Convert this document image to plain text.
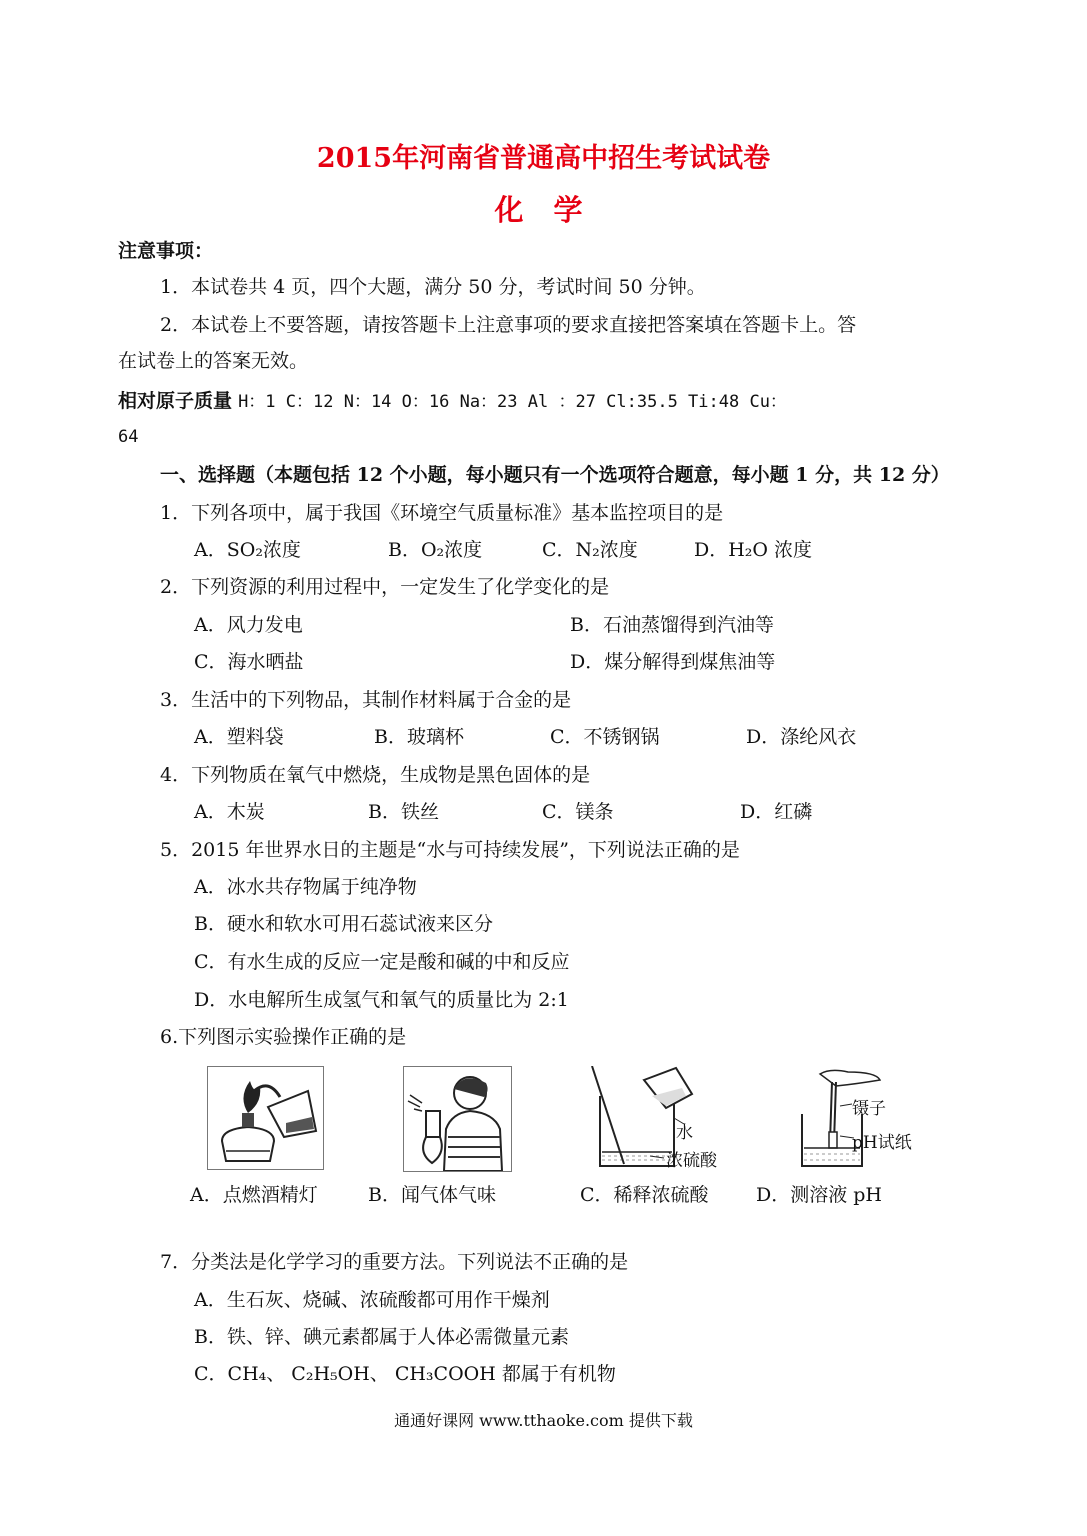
2015年河南省普通高中招生考试试卷
化 学
注意事项：
1．本试卷共 4 页，四个大题，满分 50 分，考试时间 50 分钟。
2．本试卷上不要答题，请按答题卡上注意事项的要求直接把答案填在答题卡上。答
在试卷上的答案无效。
相对原子质量 H：1 C：12 N：14 O：16 Na：23 Al ：27 Cl:35.5 Ti:48 Cu：
64
一、选择题（本题包括 12 个小题，每小题只有一个选项符合题意，每小题 1 分，共 12 分）
1．下列各项中，属于我国《环境空气质量标准》基本监控项目的是
A．SO₂浓度	B．O₂浓度	C．N₂浓度	D．H₂O 浓度
2．下列资源的利用过程中，一定发生了化学变化的是
A．风力发电	B．石油蒸馏得到汽油等
C．海水晒盐	D．煤分解得到煤焦油等
3．生活中的下列物品，其制作材料属于合金的是
A．塑料袋	B．玻璃杯	C．不锈钢锅	D．涤纶风衣
4．下列物质在氧气中燃烧，生成物是黑色固体的是
A．木炭	B．铁丝	C．镁条	D．红磷
5．2015 年世界水日的主题是“水与可持续发展”，下列说法正确的是
A．冰水共存物属于纯净物
B．硬水和软水可用石蕊试液来区分
C．有水生成的反应一定是酸和碱的中和反应
D．水电解所生成氢气和氧气的质量比为 2:1
6.下列图示实验操作正确的是
水
浓硫酸
镊子
pH试纸
A．点燃酒精灯	B．闻气体气味	C．稀释浓硫酸 D．测溶液 pH
7．分类法是化学学习的重要方法。下列说法不正确的是
A．生石灰、烧碱、浓硫酸都可用作干燥剂
B．铁、锌、碘元素都属于人体必需微量元素
C．CH₄、 C₂H₅OH、 CH₃COOH 都属于有机物
通通好课网 www.tthaoke.com 提供下载
